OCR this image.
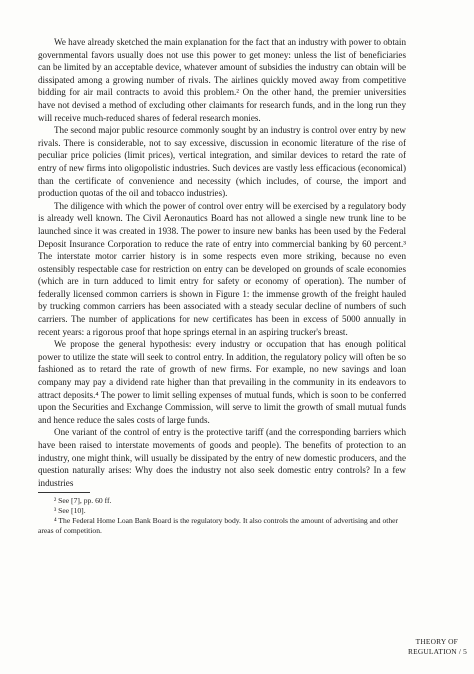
We have already sketched the main explanation for the fact that an industry with power to obtain governmental favors usually does not use this power to get money: unless the list of beneficiaries can be limited by an acceptable device, whatever amount of subsidies the industry can obtain will be dissipated among a growing number of rivals. The airlines quickly moved away from competitive bidding for air mail contracts to avoid this problem.² On the other hand, the premier universities have not devised a method of excluding other claimants for research funds, and in the long run they will receive much-reduced shares of federal research monies.

The second major public resource commonly sought by an industry is control over entry by new rivals. There is considerable, not to say excessive, discussion in economic literature of the rise of peculiar price policies (limit prices), vertical integration, and similar devices to retard the rate of entry of new firms into oligopolistic industries. Such devices are vastly less efficacious (economical) than the certificate of convenience and necessity (which includes, of course, the import and production quotas of the oil and tobacco industries).

The diligence with which the power of control over entry will be exercised by a regulatory body is already well known. The Civil Aeronautics Board has not allowed a single new trunk line to be launched since it was created in 1938. The power to insure new banks has been used by the Federal Deposit Insurance Corporation to reduce the rate of entry into commercial banking by 60 percent.³ The interstate motor carrier history is in some respects even more striking, because no even ostensibly respectable case for restriction on entry can be developed on grounds of scale economies (which are in turn adduced to limit entry for safety or economy of operation). The number of federally licensed common carriers is shown in Figure 1: the immense growth of the freight hauled by trucking common carriers has been associated with a steady secular decline of numbers of such carriers. The number of applications for new certificates has been in excess of 5000 annually in recent years: a rigorous proof that hope springs eternal in an aspiring trucker's breast.

We propose the general hypothesis: every industry or occupation that has enough political power to utilize the state will seek to control entry. In addition, the regulatory policy will often be so fashioned as to retard the rate of growth of new firms. For example, no new savings and loan company may pay a dividend rate higher than that prevailing in the community in its endeavors to attract deposits.⁴ The power to limit selling expenses of mutual funds, which is soon to be conferred upon the Securities and Exchange Commission, will serve to limit the growth of small mutual funds and hence reduce the sales costs of large funds.

One variant of the control of entry is the protective tariff (and the corresponding barriers which have been raised to interstate movements of goods and people). The benefits of protection to an industry, one might think, will usually be dissipated by the entry of new domestic producers, and the question naturally arises: Why does the industry not also seek domestic entry controls? In a few industries

² See [7], pp. 60 ff.

³ See [10].

⁴ The Federal Home Loan Bank Board is the regulatory body. It also controls the amount of advertising and other areas of competition.

THEORY OF
REGULATION / 5
